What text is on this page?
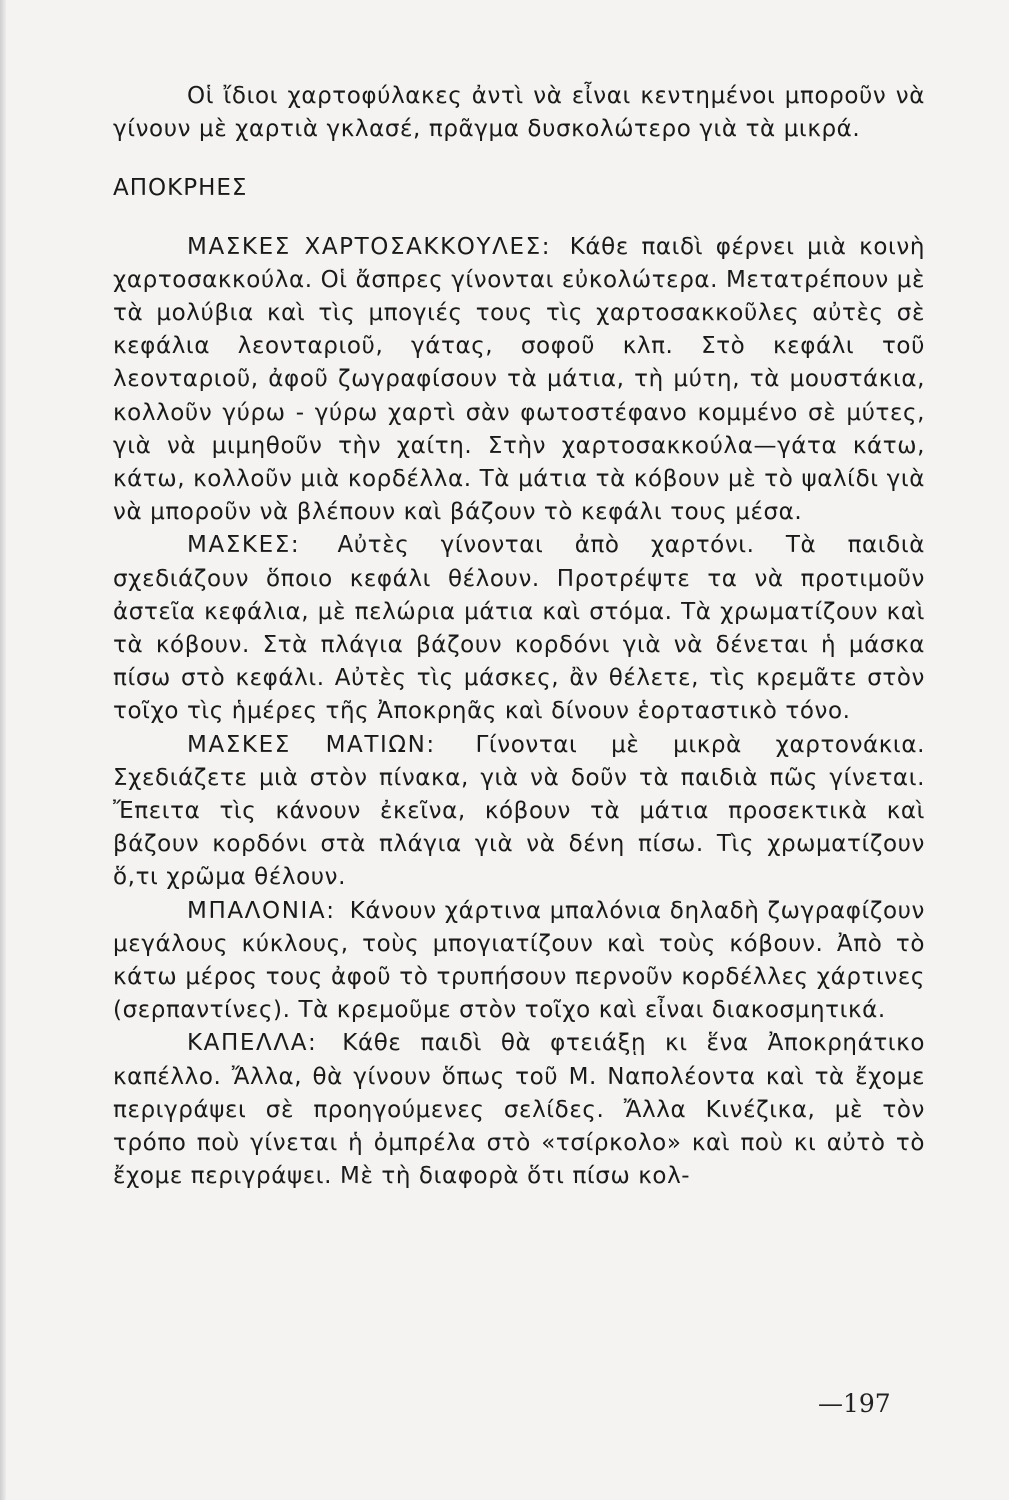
Οἱ ἴδιοι χαρτοφύλακες ἀντὶ νὰ εἶναι κεντημένοι μποροῦν νὰ γίνουν μὲ χαρτιὰ γκλασέ, πρᾶγμα δυσκολώτερο γιὰ τὰ μικρά.

ΑΠΟΚΡΗΕΣ

ΜΑΣΚΕΣ ΧΑΡΤΟΣΑΚΚΟΥΛΕΣ: Κάθε παιδὶ φέρνει μιὰ κοινὴ χαρτοσακκούλα. Οἱ ἄσπρες γίνονται εὐκολώτερα. Μετατρέπουν μὲ τὰ μολύβια καὶ τὶς μπογιές τους τὶς χαρτοσακκοῦλες αὐτὲς σὲ κεφάλια λεονταριοῦ, γάτας, σοφοῦ κλπ. Στὸ κεφάλι τοῦ λεονταριοῦ, ἀφοῦ ζωγραφίσουν τὰ μάτια, τὴ μύτη, τὰ μουστάκια, κολλοῦν γύρω - γύρω χαρτὶ σὰν φωτοστέφανο κομμένο σὲ μύτες, γιὰ νὰ μιμηθοῦν τὴν χαίτη. Στὴν χαρτοσακκούλα—γάτα κάτω, κάτω, κολλοῦν μιὰ κορδέλλα. Τὰ μάτια τὰ κόβουν μὲ τὸ ψαλίδι γιὰ νὰ μποροῦν νὰ βλέπουν καὶ βάζουν τὸ κεφάλι τους μέσα.

ΜΑΣΚΕΣ: Αὐτὲς γίνονται ἀπὸ χαρτόνι. Τὰ παιδιὰ σχεδιάζουν ὅποιο κεφάλι θέλουν. Προτρέψτε τα νὰ προτιμοῦν ἀστεῖα κεφάλια, μὲ πελώρια μάτια καὶ στόμα. Τὰ χρωματίζουν καὶ τὰ κόβουν. Στὰ πλάγια βάζουν κορδόνι γιὰ νὰ δένεται ἡ μάσκα πίσω στὸ κεφάλι. Αὐτὲς τὶς μάσκες, ἂν θέλετε, τὶς κρεμᾶτε στὸν τοῖχο τὶς ἡμέρες τῆς Ἀποκρηᾶς καὶ δίνουν ἑορταστικὸ τόνο.

ΜΑΣΚΕΣ ΜΑΤΙΩΝ: Γίνονται μὲ μικρὰ χαρτονάκια. Σχεδιάζετε μιὰ στὸν πίνακα, γιὰ νὰ δοῦν τὰ παιδιὰ πῶς γίνεται. Ἔπειτα τὶς κάνουν ἐκεῖνα, κόβουν τὰ μάτια προσεκτικὰ καὶ βάζουν κορδόνι στὰ πλάγια γιὰ νὰ δένη πίσω. Τὶς χρωματίζουν ὅ,τι χρῶμα θέλουν.

ΜΠΑΛΟΝΙΑ: Κάνουν χάρτινα μπαλόνια δηλαδὴ ζωγραφίζουν μεγάλους κύκλους, τοὺς μπογιατίζουν καὶ τοὺς κόβουν. Ἀπὸ τὸ κάτω μέρος τους ἀφοῦ τὸ τρυπήσουν περνοῦν κορδέλλες χάρτινες (σερπαντίνες). Τὰ κρεμοῦμε στὸν τοῖχο καὶ εἶναι διακοσμητικά.

ΚΑΠΕΛΛΑ: Κάθε παιδὶ θὰ φτειάξῃ κι ἕνα Ἀποκρηάτικο καπέλλο. Ἄλλα, θὰ γίνουν ὅπως τοῦ Μ. Ναπολέοντα καὶ τὰ ἔχομε περιγράψει σὲ προηγούμενες σελίδες. Ἄλλα Κινέζικα, μὲ τὸν τρόπο ποὺ γίνεται ἡ ὀμπρέλα στὸ «τσίρκολο» καὶ ποὺ κι αὐτὸ τὸ ἔχομε περιγράψει. Μὲ τὴ διαφορὰ ὅτι πίσω κολ-

—197
